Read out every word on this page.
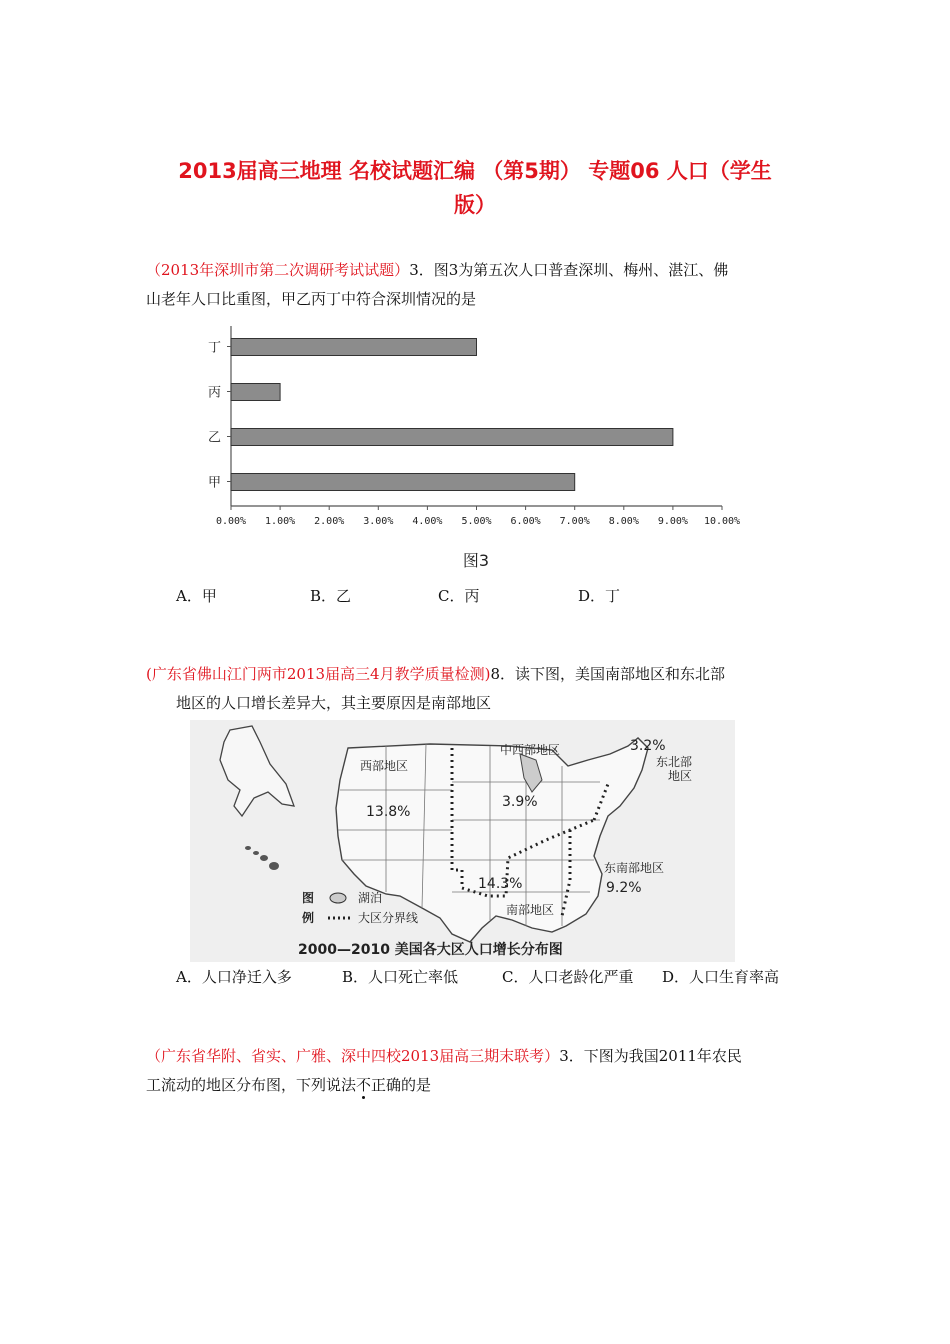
2013届高三地理 名校试题汇编 （第5期） 专题06 人口（学生
版）
（2013年深圳市第二次调研考试试题）3．图3为第五次人口普查深圳、梅州、湛江、佛
山老年人口比重图，甲乙丙丁中符合深圳情况的是
丁
丙
乙
甲
0.00% 1.00% 2.00% 3.00% 4.00% 5.00% 6.00% 7.00% 8.00% 9.00% 10.00%
图3
A．甲	B．乙	C．丙	D．丁
(广东省佛山江门两市2013届高三4月教学质量检测)8．读下图，美国南部地区和东北部
地区的人口增长差异大，其主要原因是南部地区
西部地区
13.8%
中西部地区
3.9%
3.2%
东北部
地区
东南部地区
9.2%
14.3%
南部地区
图
例
湖泊
大区分界线
2000—2010 美国各大区人口增长分布图
A．人口净迁入多	B．人口死亡率低	C．人口老龄化严重 D．人口生育率高
（广东省华附、省实、广雅、深中四校2013届高三期末联考）3．下图为我国2011年农民
工流动的地区分布图，下列说法不正确的是
